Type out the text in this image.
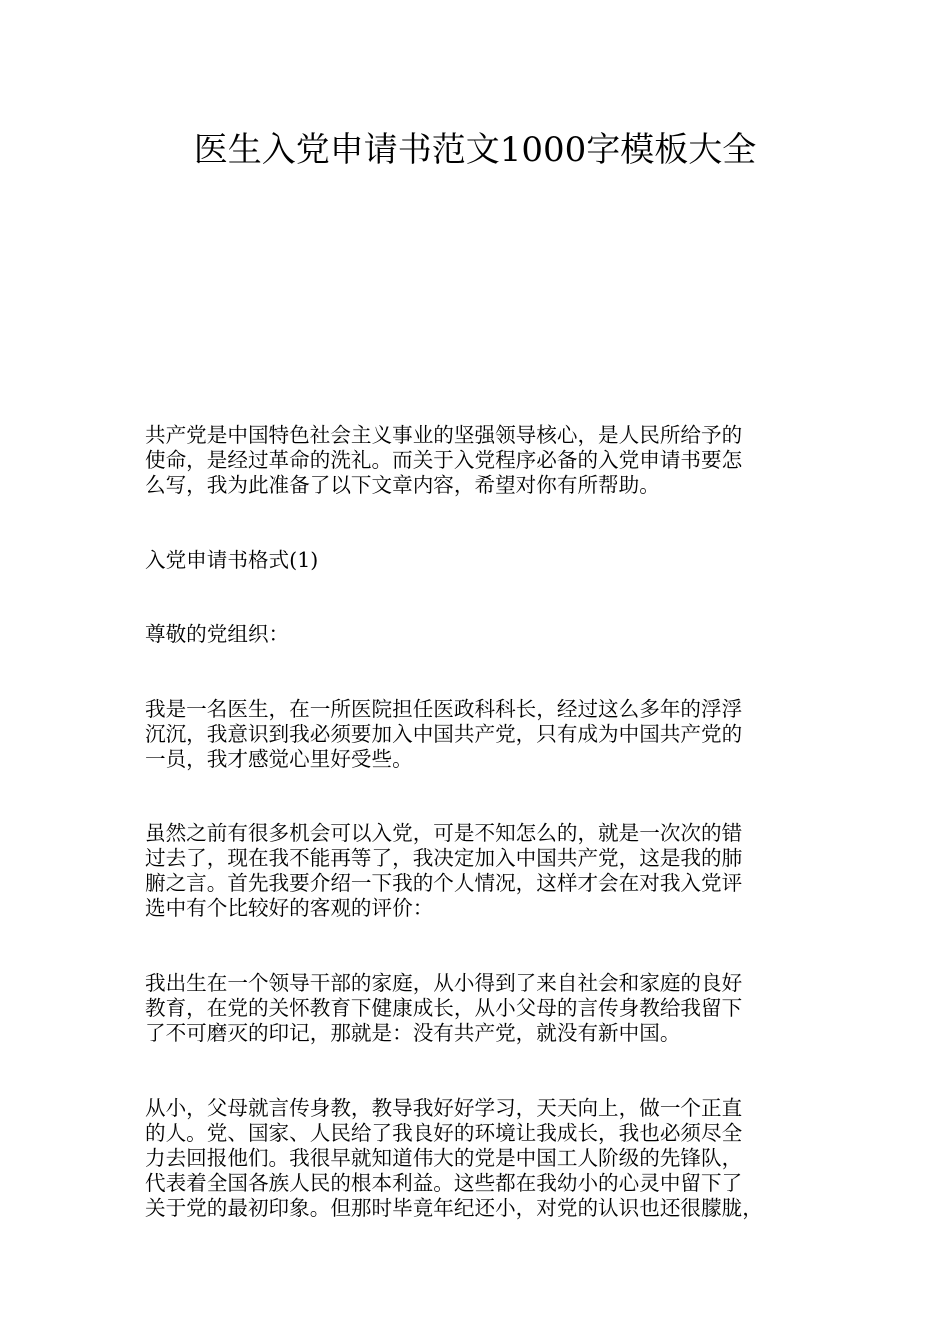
医生入党申请书范文1000字模板大全

共产党是中国特色社会主义事业的坚强领导核心，是人民所给予的
使命，是经过革命的洗礼。而关于入党程序必备的入党申请书要怎
么写，我为此准备了以下文章内容，希望对你有所帮助。

入党申请书格式(1)

尊敬的党组织：

我是一名医生，在一所医院担任医政科科长，经过这么多年的浮浮
沉沉，我意识到我必须要加入中国共产党，只有成为中国共产党的
一员，我才感觉心里好受些。

虽然之前有很多机会可以入党，可是不知怎么的，就是一次次的错
过去了，现在我不能再等了，我决定加入中国共产党，这是我的肺
腑之言。首先我要介绍一下我的个人情况，这样才会在对我入党评
选中有个比较好的客观的评价：

我出生在一个领导干部的家庭，从小得到了来自社会和家庭的良好
教育，在党的关怀教育下健康成长，从小父母的言传身教给我留下
了不可磨灭的印记，那就是：没有共产党，就没有新中国。

从小，父母就言传身教，教导我好好学习，天天向上，做一个正直
的人。党、国家、人民给了我良好的环境让我成长，我也必须尽全
力去回报他们。我很早就知道伟大的党是中国工人阶级的先锋队，
代表着全国各族人民的根本利益。这些都在我幼小的心灵中留下了
关于党的最初印象。但那时毕竟年纪还小，对党的认识也还很朦胧，
